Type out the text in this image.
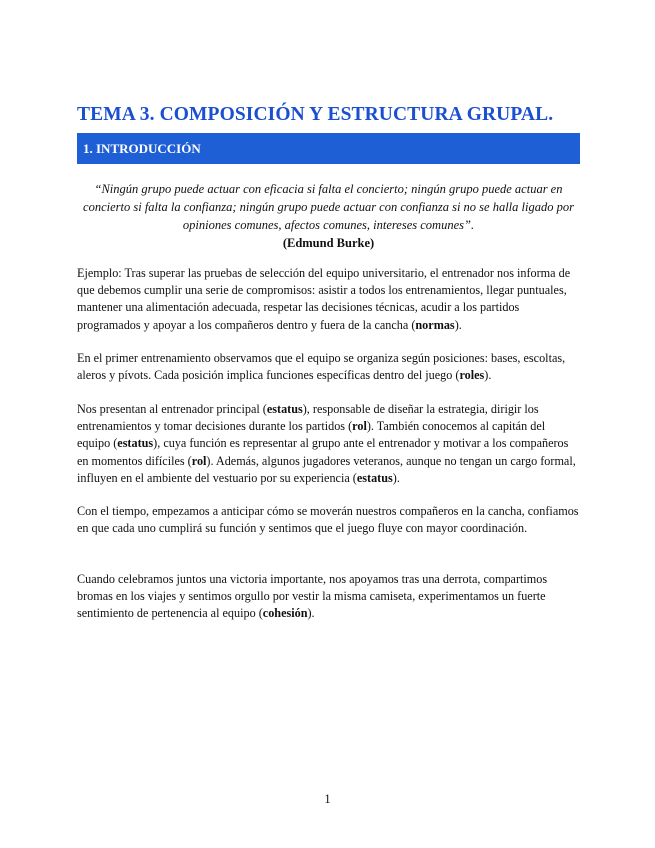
TEMA 3. COMPOSICIÓN Y ESTRUCTURA GRUPAL.
1. INTRODUCCIÓN
“Ningún grupo puede actuar con eficacia si falta el concierto; ningún grupo puede actuar en concierto si falta la confianza; ningún grupo puede actuar con confianza si no se halla ligado por opiniones comunes, afectos comunes, intereses comunes”.
(Edmund Burke)

Ejemplo: Tras superar las pruebas de selección del equipo universitario, el entrenador nos informa de que debemos cumplir una serie de compromisos: asistir a todos los entrenamientos, llegar puntuales, mantener una alimentación adecuada, respetar las decisiones técnicas, acudir a los partidos programados y apoyar a los compañeros dentro y fuera de la cancha (normas).

En el primer entrenamiento observamos que el equipo se organiza según posiciones: bases, escoltas, aleros y pívots. Cada posición implica funciones específicas dentro del juego (roles).

Nos presentan al entrenador principal (estatus), responsable de diseñar la estrategia, dirigir los entrenamientos y tomar decisiones durante los partidos (rol). También conocemos al capitán del equipo (estatus), cuya función es representar al grupo ante el entrenador y motivar a los compañeros en momentos difíciles (rol). Además, algunos jugadores veteranos, aunque no tengan un cargo formal, influyen en el ambiente del vestuario por su experiencia (estatus).

Con el tiempo, empezamos a anticipar cómo se moverán nuestros compañeros en la cancha, confiamos en que cada uno cumplirá su función y sentimos que el juego fluye con mayor coordinación.

Cuando celebramos juntos una victoria importante, nos apoyamos tras una derrota, compartimos bromas en los viajes y sentimos orgullo por vestir la misma camiseta, experimentamos un fuerte sentimiento de pertenencia al equipo (cohesión).

1
